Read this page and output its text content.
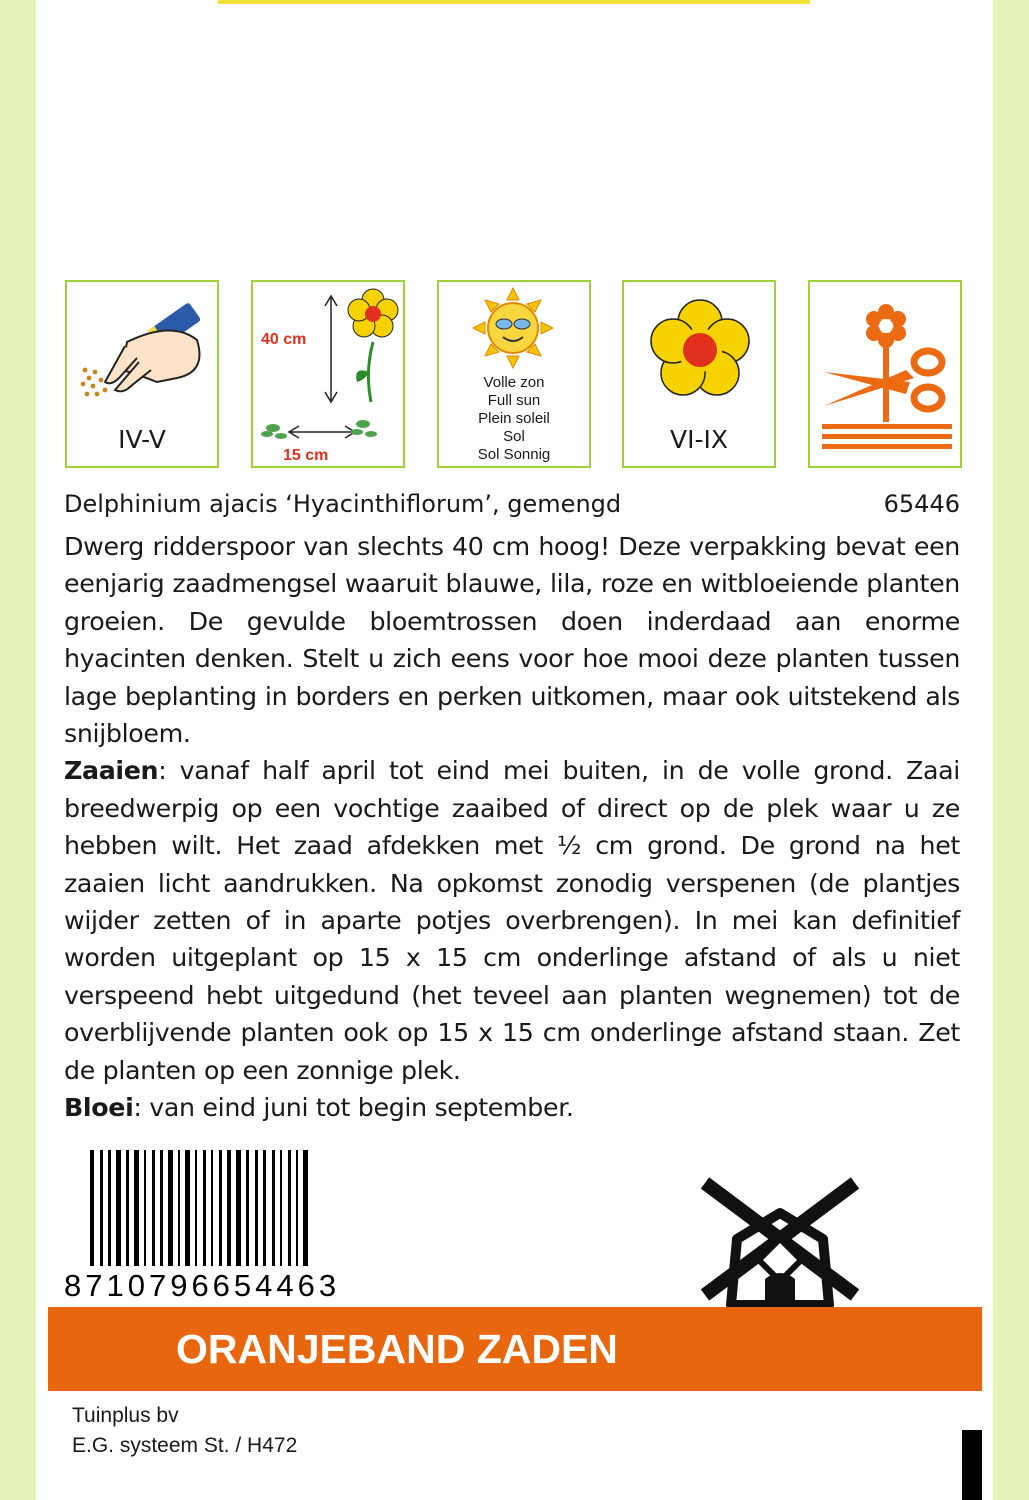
IV-V
40 cm
15 cm
Volle zon
Full sun
Plein soleil
Sol
Sol Sonnig
VI-IX
Delphinium ajacis ‘Hyacinthiflorum’, gemengd	65446

Dwerg ridderspoor van slechts 40 cm hoog! Deze verpakking bevat een eenjarig zaadmengsel waaruit blauwe, lila, roze en witbloeiende planten groeien. De gevulde bloemtrossen doen inderdaad aan enorme hyacinten denken. Stelt u zich eens voor hoe mooi deze planten tussen lage beplanting in borders en perken uitkomen, maar ook uitstekend als snijbloem.

Zaaien: vanaf half april tot eind mei buiten, in de volle grond. Zaai breedwerpig op een vochtige zaaibed of direct op de plek waar u ze hebben wilt. Het zaad afdekken met ½ cm grond. De grond na het zaaien licht aandrukken. Na opkomst zonodig verspenen (de plantjes wijder zetten of in aparte potjes overbrengen). In mei kan definitief worden uitgeplant op 15 x 15 cm onderlinge afstand of als u niet verspeend hebt uitgedund (het teveel aan planten wegnemen) tot de overblijvende planten ook op 15 x 15 cm onderlinge afstand staan. Zet de planten op een zonnige plek.

Bloei: van eind juni tot begin september.

8710796654463
ORANJEBAND ZADEN
Tuinplus bv
E.G. systeem St. / H472
